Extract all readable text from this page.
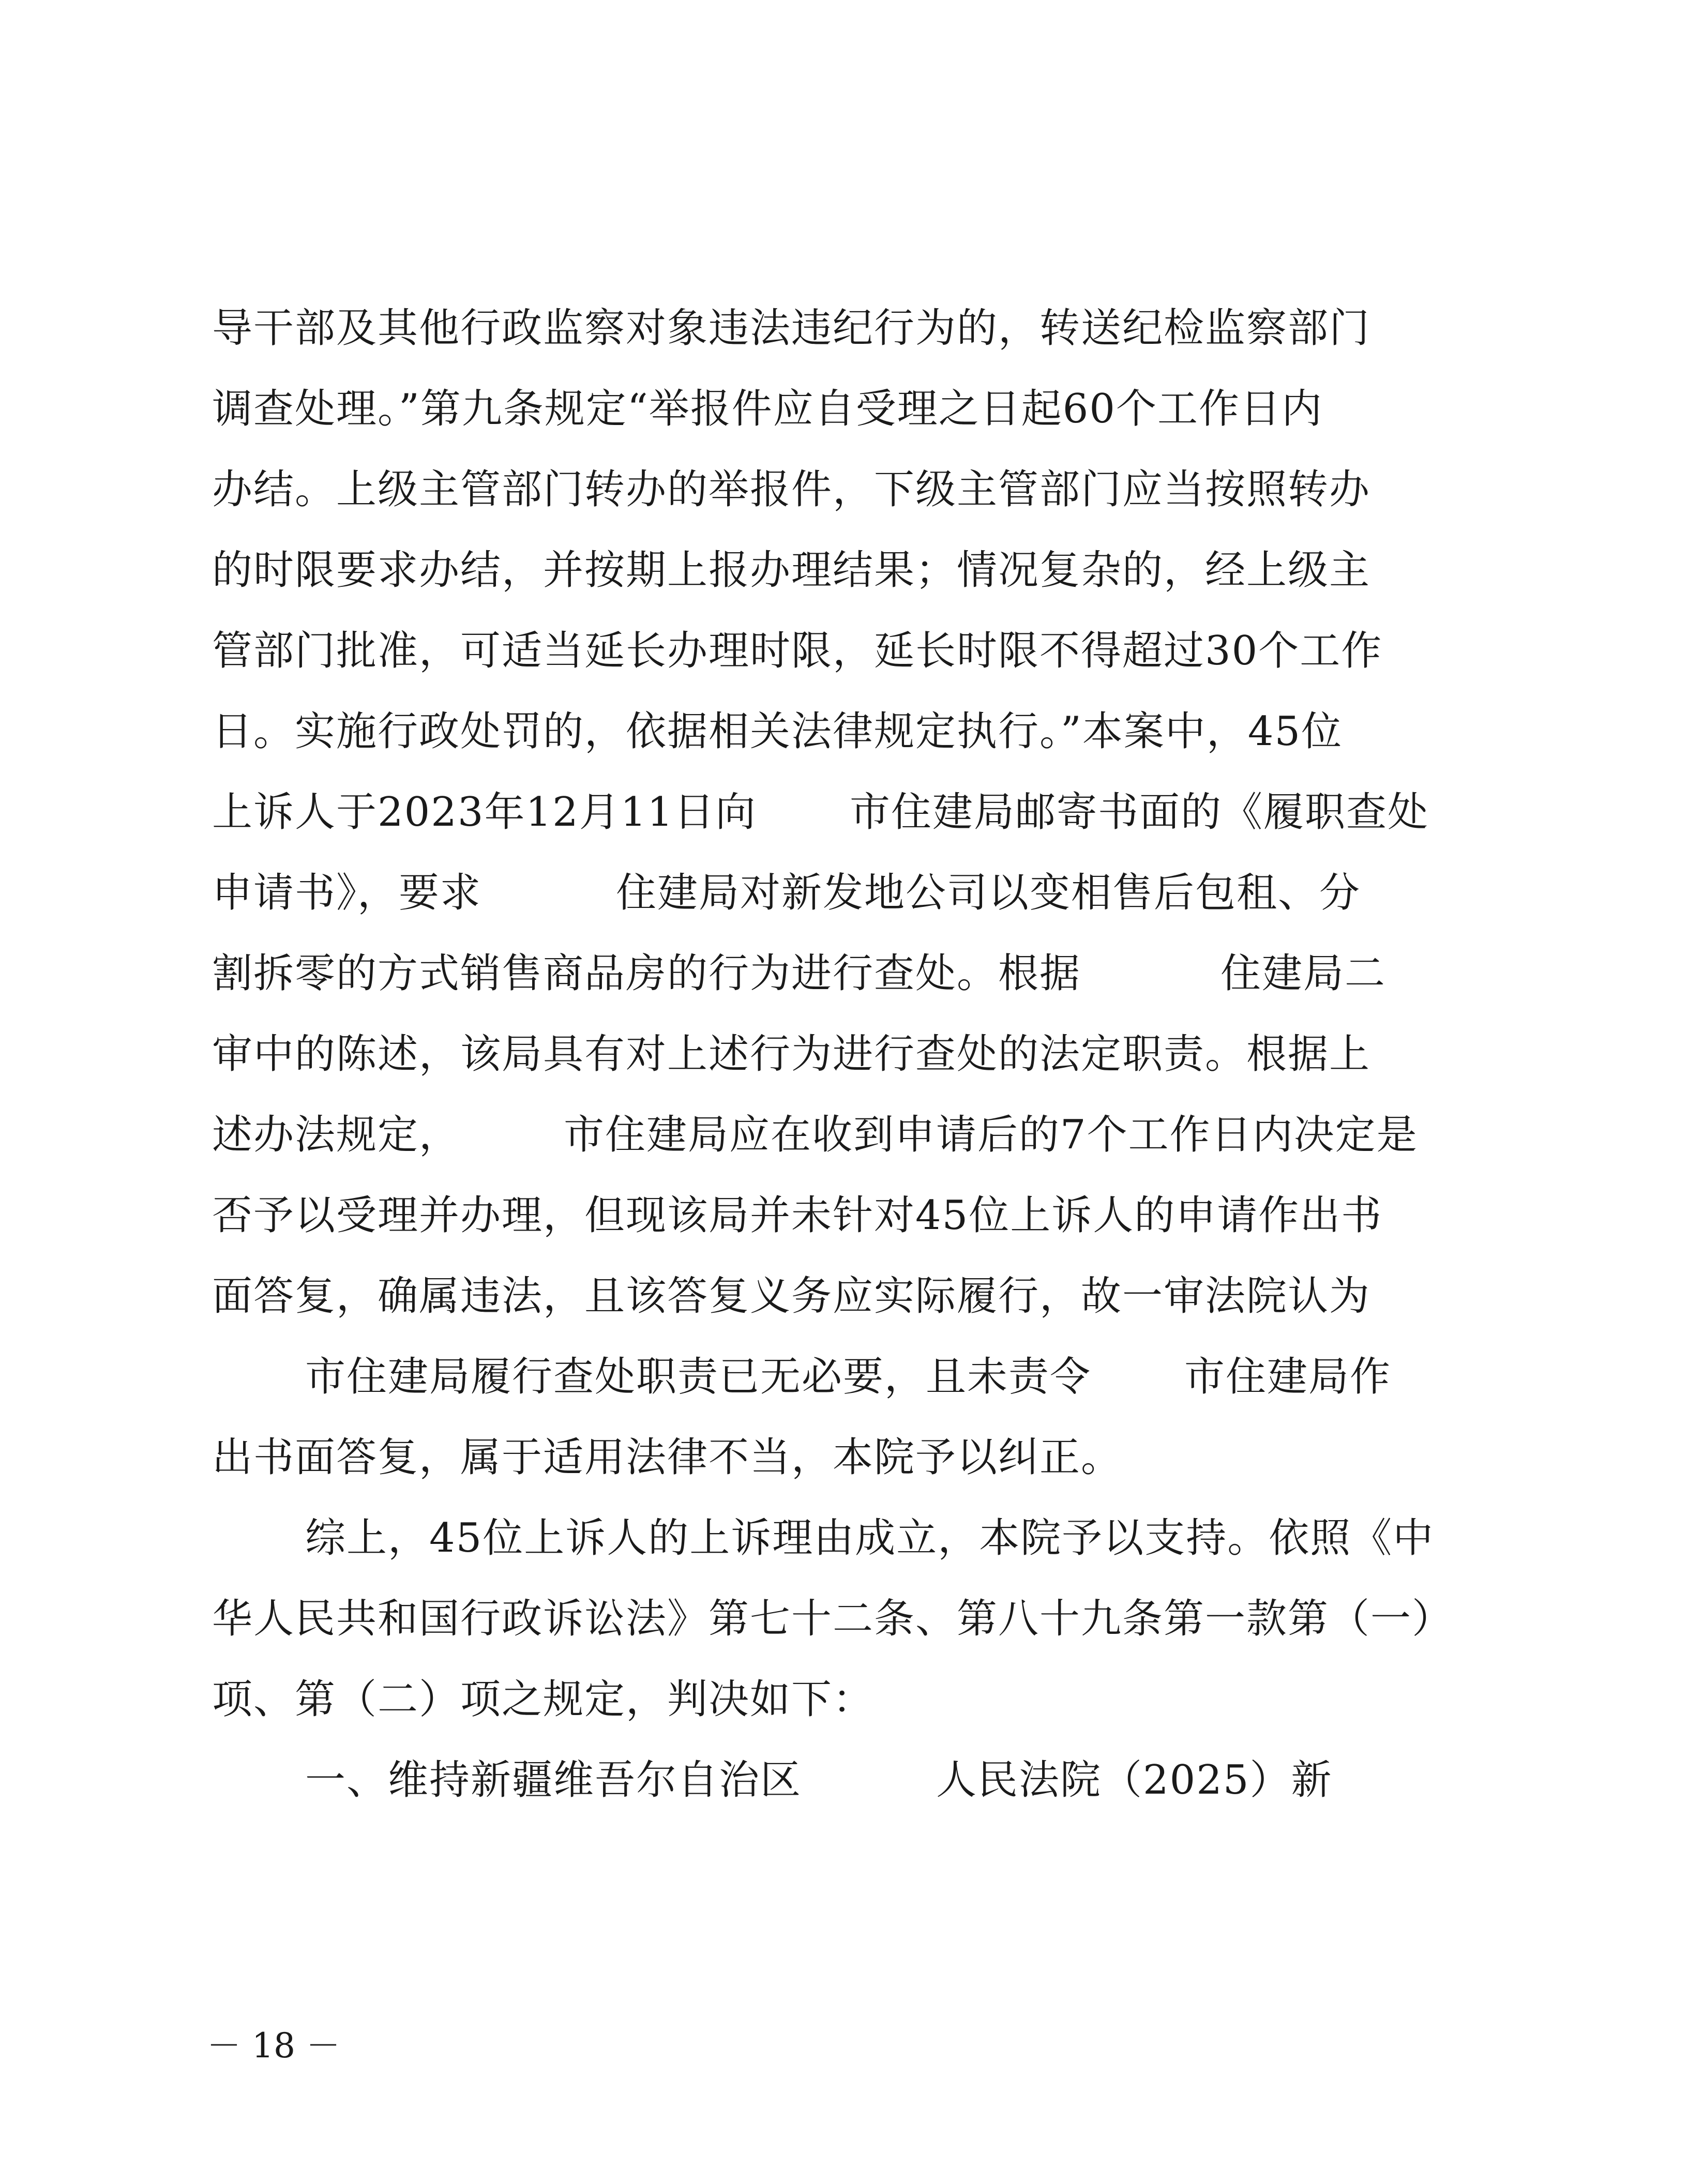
导干部及其他行政监察对象违法违纪行为的，转送纪检监察部门
调查处理。”第九条规定“举报件应自受理之日起60个工作日内
办结。上级主管部门转办的举报件，下级主管部门应当按照转办
的时限要求办结，并按期上报办理结果；情况复杂的，经上级主
管部门批准，可适当延长办理时限，延长时限不得超过30个工作
日。实施行政处罚的，依据相关法律规定执行。”本案中，45位
上诉人于2023年12月11日向 市住建局邮寄书面的《履职查处
申请书》，要求	住建局对新发地公司以变相售后包租、分
割拆零的方式销售商品房的行为进行查处。根据	住建局二
审中的陈述，该局具有对上述行为进行查处的法定职责。根据上
述办法规定，	市住建局应在收到申请后的7个工作日内决定是
否予以受理并办理，但现该局并未针对45位上诉人的申请作出书
面答复，确属违法，且该答复义务应实际履行，故一审法院认为
市住建局履行查处职责已无必要，且未责令 市住建局作
出书面答复，属于适用法律不当，本院予以纠正。
综上，45位上诉人的上诉理由成立，本院予以支持。依照《中
华人民共和国行政诉讼法》第七十二条、第八十九条第一款第（一）
项、第（二）项之规定，判决如下：
一、维持新疆维吾尔自治区	人民法院（2025）新
－ 18 －
